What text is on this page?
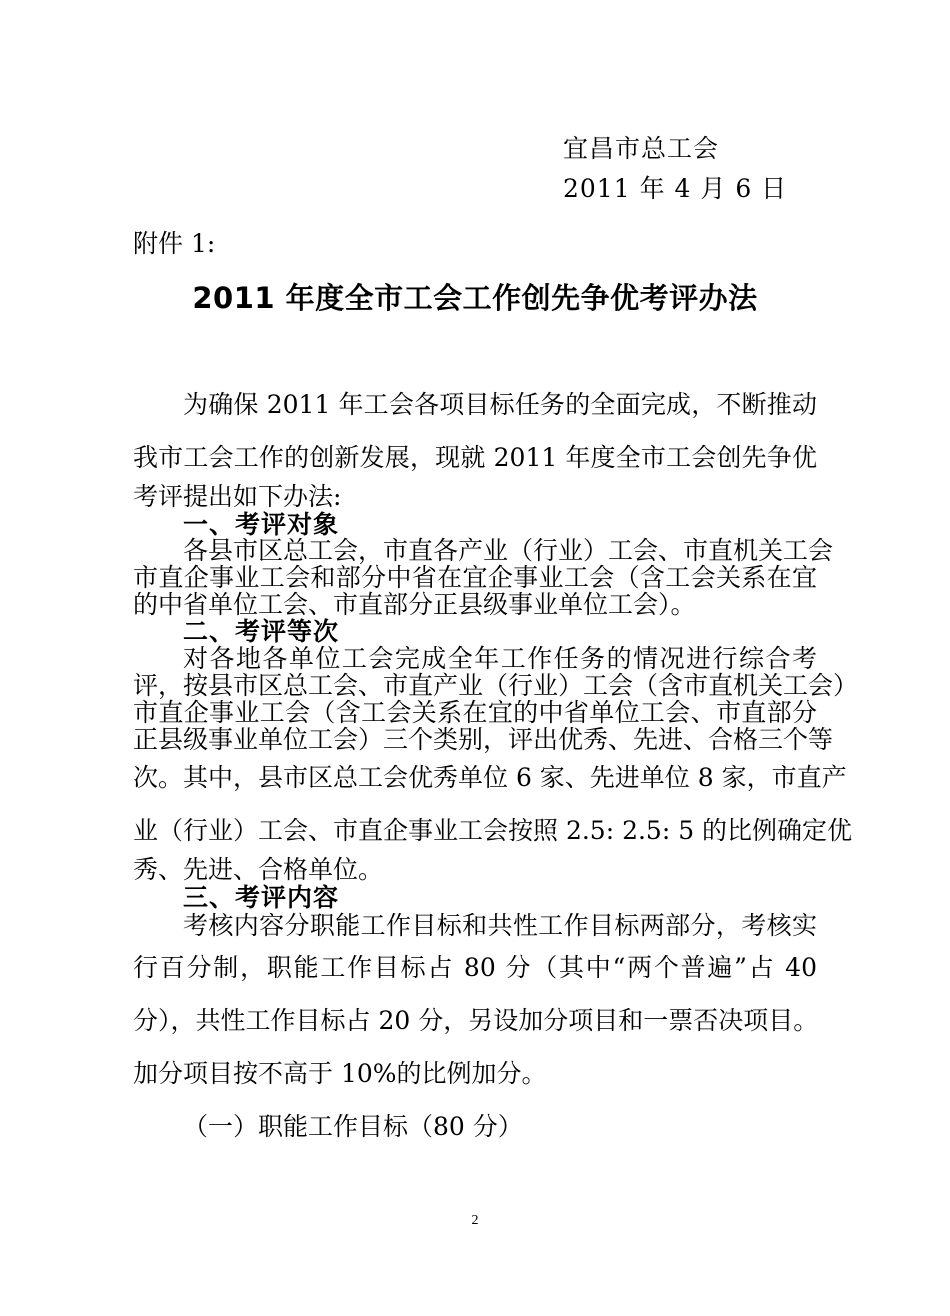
宜昌市总工会
2011 年 4 月 6 日
附件 1:
2011 年度全市工会工作创先争优考评办法
为确保 2011 年工会各项目标任务的全面完成，不断推动
我市工会工作的创新发展，现就 2011 年度全市工会创先争优
考评提出如下办法:
一、考评对象
各县市区总工会，市直各产业（行业）工会、市直机关工会
市直企事业工会和部分中省在宜企事业工会（含工会关系在宜
的中省单位工会、市直部分正县级事业单位工会）。
二、考评等次
对各地各单位工会完成全年工作任务的情况进行综合考
评，按县市区总工会、市直产业（行业）工会（含市直机关工会）
市直企事业工会（含工会关系在宜的中省单位工会、市直部分
正县级事业单位工会）三个类别，评出优秀、先进、合格三个等
次。其中，县市区总工会优秀单位 6 家、先进单位 8 家，市直产
业（行业）工会、市直企事业工会按照 2.5: 2.5: 5 的比例确定优
秀、先进、合格单位。
三、考评内容
考核内容分职能工作目标和共性工作目标两部分，考核实
行百分制，职能工作目标占 80 分（其中“两个普遍”占 40
分），共性工作目标占 20 分，另设加分项目和一票否决项目。
加分项目按不高于 10%的比例加分。
（一）职能工作目标（80 分）
2
